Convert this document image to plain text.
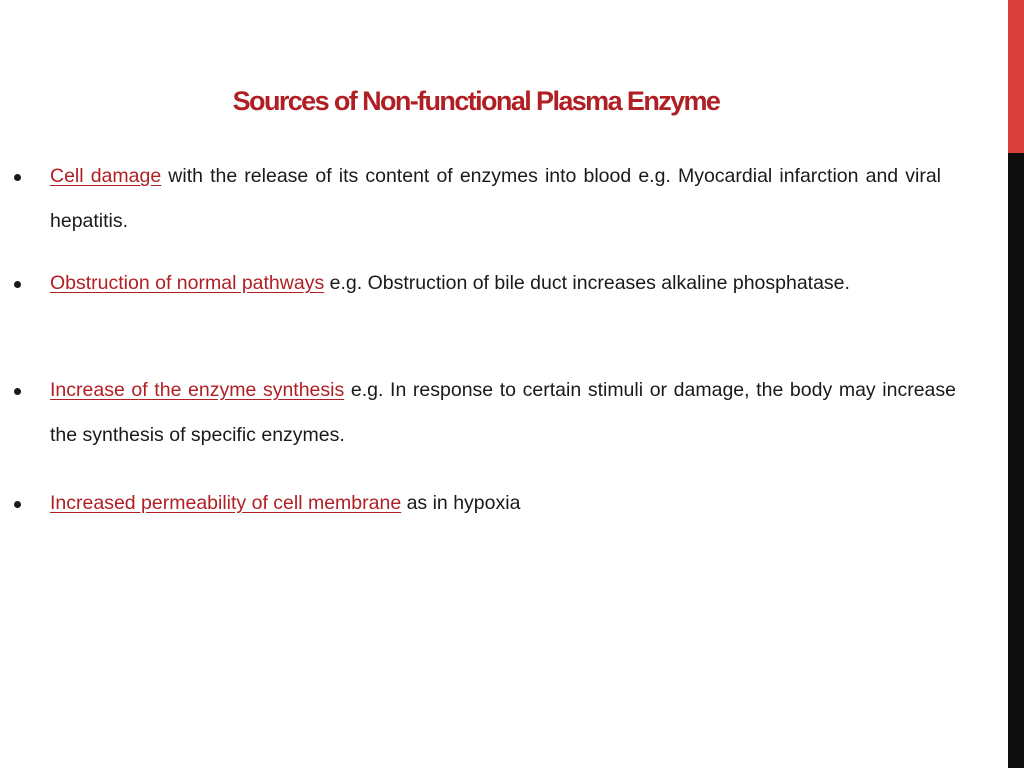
Sources of Non-functional Plasma Enzyme

Cell damage with the release of its content of enzymes into blood e.g. Myocardial infarction and viral hepatitis.

Obstruction of normal pathways e.g. Obstruction of bile duct increases alkaline phosphatase.

Increase of the enzyme synthesis e.g. In response to certain stimuli or damage, the body may increase the synthesis of specific enzymes.

Increased permeability of cell membrane as in hypoxia
